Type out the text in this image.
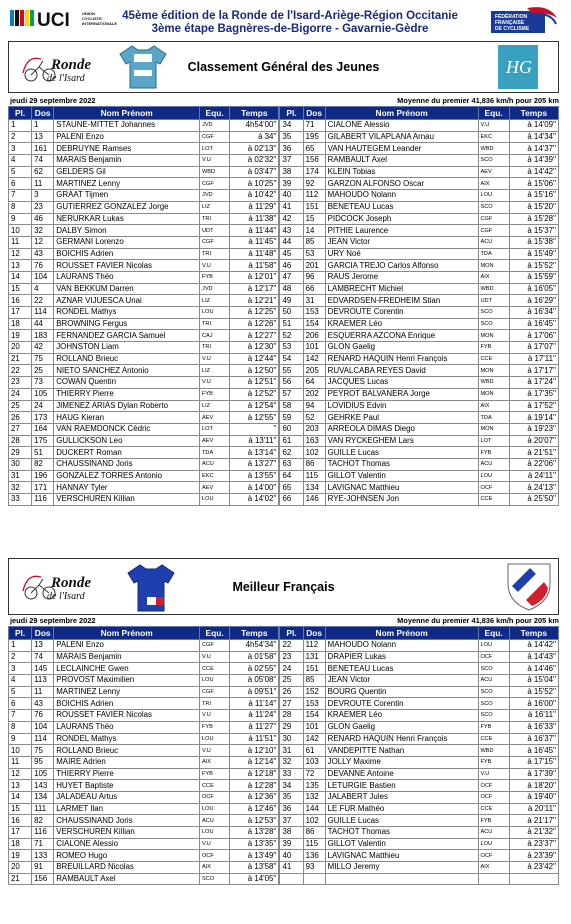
UCI	UNION
CYCLISTE
INTERNATIONALE
45ème édition de la Ronde de l'Isard-Ariège-Région Occitanie
3ème étape Bagnères-de-Bigorre - Gavarnie-Gèdre
FÉDÉRATION
FRANÇAISE
DE CYCLISME
Ronde
de l'Isard
Classement Général des Jeunes	HG
jeudi 29 septembre 2022	Moyenne du premier 41,836 km/h pour 205 km
Pl.	Dos	Nom Prénom	Equ.	Temps		Pl.	Dos	Nom Prénom	Equ.	Temps
1	1	STAUNE-MITTET Johannes	JVD	4h54'00''		34	71	CIALONE Alessio	V.U	à 14'09''
2	13	PALENI Enzo	CGF	à 34''		35	195	GILABERT VILAPLANA Arnau	EKC	à 14'34''
3	161	DEBRUYNE Ramses	LOT	à 02'13''		36	65	VAN HAUTEGEM Leander	WBD	à 14'37''
4	74	MARAIS Benjamin	V.U	à 02'32''		37	156	RAMBAULT Axel	SCO	à 14'39''
5	62	GELDERS Gil	WBD	à 03'47''		38	174	KLEIN Tobias	AEV	à 14'42''
6	11	MARTINEZ Lenny	CGF	à 10'25''		39	92	GARZON ALFONSO Oscar	AIX	à 15'06''
7	3	GRAAT Tijmen	JVD	à 10'42''		40	112	MAHOUDO Nolann	LOU	à 15'16''
8	23	GUTIERREZ GONZALEZ Jorge	LIZ	à 11'29''		41	151	BENETEAU Lucas	SCO	à 15'20''
9	46	NERURKAR Lukas	TRI	à 11'38''		42	15	PIDCOCK Joseph	CGF	à 15'28''
10	32	DALBY Simon	UDT	à 11'44''		43	14	PITHIE Laurence	CGF	à 15'37''
11	12	GERMANI Lorenzo	CGF	à 11'45''		44	85	JEAN Victor	ACU	à 15'38''
12	43	BOICHIS Adrien	TRI	à 11'48''		45	53	URY Noé	TDA	à 15'49''
13	76	ROUSSET FAVIER Nicolas	V.U	à 11'58''		46	201	GARCIA TREJO Carlos Alfonso	MON	à 15'52''
14	104	LAURANS Théo	FYB	à 12'01''		47	96	RAUS Jerome	AIX	à 15'59''
15	4	VAN BEKKUM Darren	JVD	à 12'17''		48	66	LAMBRECHT Michiel	WBD	à 16'05''
16	22	AZNAR VIJUESCA Unai	LIZ	à 12'21''		49	31	EDVARDSEN-FREDHEIM Stian	UDT	à 16'29''
17	114	RONDEL Mathys	LOU	à 12'25''		50	153	DEVROUTE Corentin	SCO	à 16'34''
18	44	BROWNING Fergus	TRI	à 12'26''		51	154	KRAEMER Léo	SCO	à 16'45''
19	183	FERNANDEZ GARCIA Samuel	CAJ	à 12'27''		52	206	ESQUERRA AZCONA Enrique	MON	à 17'06''
20	42	JOHNSTON Liam	TRI	à 12'30''		53	101	GLON Gaelig	FYB	à 17'07''
21	75	ROLLAND Brieuc	V.U	à 12'44''		54	142	RENARD HAQUIN Henri François	CCE	à 17'11''
22	25	NIETO SANCHEZ Antonio	LIZ	à 12'50''		55	205	RUVALCABA REYES David	MON	à 17'17''
23	73	COWAN Quentin	V.U	à 12'51''		56	64	JACQUES Lucas	WBD	à 17'24''
24	105	THIERRY Pierre	FYB	à 12'52''		57	202	PEYROT BALVANERA Jorge	MON	à 17'35''
25	24	JIMENEZ ARIAS Dylan Roberto	LIZ	à 12'54''		58	94	LOVIDIUS Edvin	AIX	à 17'52''
26	173	HAUG Kieran	AEV	à 12'55''		59	52	GEHRKE Paul	TDA	à 19'14''
27	164	VAN RAEMDONCK Cédric	LOT	''		60	203	ARREOLA DIMAS Diego	MON	à 19'23''
28	175	GULLICKSON Leo	AEV	à 13'11''		61	163	VAN RYCKEGHEM Lars	LOT	à 20'07''
29	51	DUCKERT Roman	TDA	à 13'14''		62	102	GUILLE Lucas	FYB	à 21'51''
30	82	CHAUSSINAND Joris	ACU	à 13'27''		63	86	TACHOT Thomas	ACU	à 22'06''
31	196	GONZALEZ TORRES Antonio	EKC	à 13'55''		64	115	GILLOT Valentin	LOU	à 24'11''
32	171	HANNAY Tyler	AEV	à 14'00''		65	134	LAVIGNAC Matthieu	OCF	à 24'13''
33	116	VERSCHUREN Killian	LOU	à 14'02''		66	146	RYE-JOHNSEN Jon	CCE	à 25'50''
Ronde
de l'Isard
Meilleur Français
jeudi 29 septembre 2022	Moyenne du premier 41,836 km/h pour 205 km
Pl.	Dos	Nom Prénom	Equ.	Temps		Pl.	Dos	Nom Prénom	Equ.	Temps
1	13	PALENI Enzo	CGF	4h54'34''		22	112	MAHOUDO Nolann	LOU	à 14'42''
2	74	MARAIS Benjamin	V.U	à 01'58''		23	131	DRAPIER Lukas	OCF	à 14'43''
3	145	LECLAINCHE Gwen	CCE	à 02'55''		24	151	BENETEAU Lucas	SCO	à 14'46''
4	113	PROVOST Maximilien	LOU	à 05'08''		25	85	JEAN Victor	ACU	à 15'04''
5	11	MARTINEZ Lenny	CGF	à 09'51''		26	152	BOURG Quentin	SCO	à 15'52''
6	43	BOICHIS Adrien	TRI	à 11'14''		27	153	DEVROUTE Corentin	SCO	à 16'00''
7	76	ROUSSET FAVIER Nicolas	V.U	à 11'24''		28	154	KRAEMER Léo	SCO	à 16'11''
8	104	LAURANS Théo	FYB	à 11'27''		29	101	GLON Gaelig	FYB	à 16'33''
9	114	RONDEL Mathys	LOU	à 11'51''		30	142	RENARD HAQUIN Henri François	CCE	à 16'37''
10	75	ROLLAND Brieuc	V.U	à 12'10''		31	61	VANDEPITTE Nathan	WBD	à 16'45''
11	95	MAIRE Adrien	AIX	à 12'14''		32	103	JOLLY Maxime	FYB	à 17'15''
12	105	THIERRY Pierre	FYB	à 12'18''		33	72	DEVANNE Antoine	V.U	à 17'39''
13	143	HUYET Baptiste	CCE	à 12'28''		34	135	LETURGIE Bastien	OCF	à 18'20''
14	134	JALADEAU Artus	OCF	à 12'36''		35	132	JALABERT Jules	OCF	à 19'40''
15	111	LARMET Ilan	LOU	à 12'46''		36	144	LE FUR Mathéo	CCE	à 20'11''
16	82	CHAUSSINAND Joris	ACU	à 12'53''		37	102	GUILLE Lucas	FYB	à 21'17''
17	116	VERSCHUREN Killian	LOU	à 13'28''		38	86	TACHOT Thomas	ACU	à 21'32''
18	71	CIALONE Alessio	V.U	à 13'35''		39	115	GILLOT Valentin	LOU	à 23'37''
19	133	ROMEO Hugo	OCF	à 13'49''		40	136	LAVIGNAC Matthieu	OCF	à 23'39''
20	91	BREUILLARD Nicolas	AIX	à 13'58''		41	93	MILLO Jeremy	AIX	à 23'42''
21	156	RAMBAULT Axel	SCO	à 14'05''						
